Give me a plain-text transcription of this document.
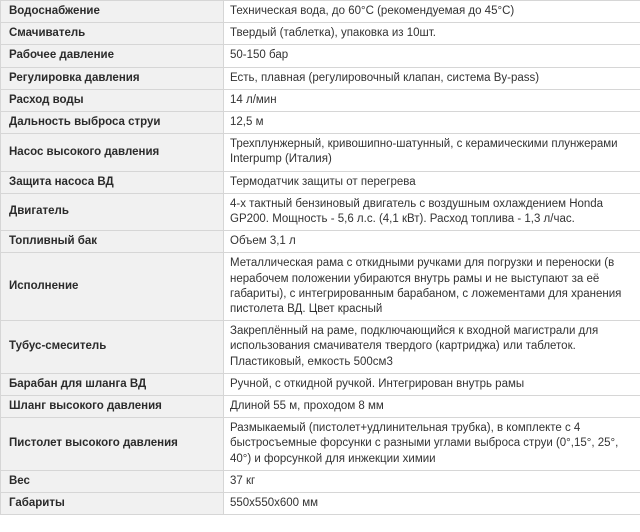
Водоснабжение	Техническая вода, до 60°С (рекомендуемая до 45°С)
Смачиватель	Твердый (таблетка), упаковка из 10шт.
Рабочее давление	50-150 бар
Регулировка давления	Есть, плавная (регулировочный клапан, система By-pass)
Расход воды	14 л/мин
Дальность выброса струи	12,5 м
Насос высокого давления	Трехплунжерный, кривошипно-шатунный, с керамическими плунжерами Interpump (Италия)
Защита насоса ВД	Термодатчик защиты от перегрева
Двигатель	4-х тактный бензиновый двигатель с воздушным охлаждением Honda GP200. Мощность - 5,6 л.с. (4,1 кВт). Расход топлива - 1,3 л/час.
Топливный бак	Объем 3,1 л
Исполнение	Металлическая рама с откидными ручками для погрузки и переноски (в нерабочем положении убираются внутрь рамы и не выступают за её габариты), с интегрированным барабаном, с ложементами для хранения пистолета ВД. Цвет красный
Тубус-смеситель	Закреплённый на раме, подключающийся к входной магистрали для использования смачивателя твердого (картриджа) или таблеток. Пластиковый, емкость 500см3
Барабан для шланга ВД	Ручной, с откидной ручкой. Интегрирован внутрь рамы
Шланг высокого давления	Длиной 55 м, проходом 8 мм
Пистолет высокого давления	Размыкаемый (пистолет+удлинительная трубка), в комплекте с 4 быстросъемные форсунки с разными углами выброса струи (0°,15°, 25°, 40°) и форсункой для инжекции химии
Вес	37 кг
Габариты	550x550x600 мм
